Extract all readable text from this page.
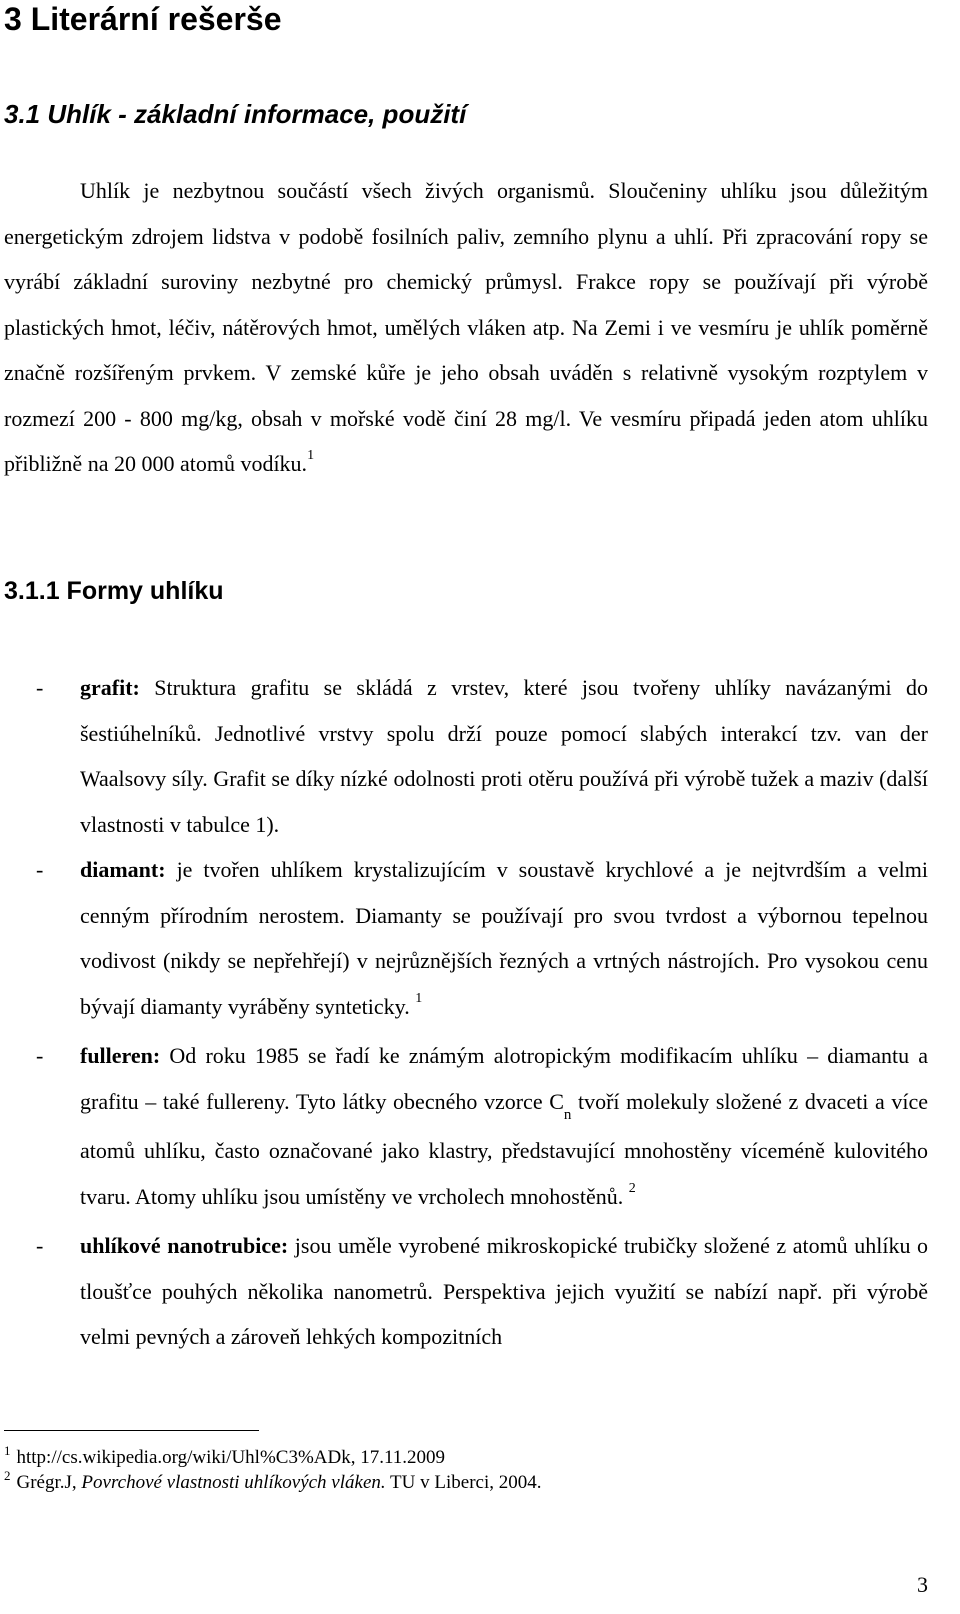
3 Literární rešerše
3.1 Uhlík - základní informace, použití

Uhlík je nezbytnou součástí všech živých organismů. Sloučeniny uhlíku jsou důležitým energetickým zdrojem lidstva v podobě fosilních paliv, zemního plynu a uhlí. Při zpracování ropy se vyrábí základní suroviny nezbytné pro chemický průmysl. Frakce ropy se používají při výrobě plastických hmot, léčiv, nátěrových hmot, umělých vláken atp. Na Zemi i ve vesmíru je uhlík poměrně značně rozšířeným prvkem. V zemské kůře je jeho obsah uváděn s relativně vysokým rozptylem v rozmezí 200 - 800 mg/kg, obsah v mořské vodě činí 28 mg/l. Ve vesmíru připadá jeden atom uhlíku přibližně na 20 000 atomů vodíku.$^1$

3.1.1 Formy uhlíku
- grafit: Struktura grafitu se skládá z vrstev, které jsou tvořeny uhlíky navázanými do šestiúhelníků. Jednotlivé vrstvy spolu drží pouze pomocí slabých interakcí tzv. van der Waalsovy síly. Grafit se díky nízké odolnosti proti otěru používá při výrobě tužek a maziv (další vlastnosti v tabulce 1).
- diamant: je tvořen uhlíkem krystalizujícím v soustavě krychlové a je nejtvrdším a velmi cenným přírodním nerostem. Diamanty se používají pro svou tvrdost a výbornou tepelnou vodivost (nikdy se nepřehřejí) v nejrůznějších řezných a vrtných nástrojích. Pro vysokou cenu bývají diamanty vyráběny synteticky. $^1$
- fulleren: Od roku 1985 se řadí ke známým alotropickým modifikacím uhlíku – diamantu a grafitu – také fullereny. Tyto látky obecného vzorce $C_n$ tvoří molekuly složené z dvaceti a více atomů uhlíku, často označované jako klastry, představující mnohostěny víceméně kulovitého tvaru. Atomy uhlíku jsou umístěny ve vrcholech mnohostěnů. $^2$
- uhlíkové nanotrubice: jsou uměle vyrobené mikroskopické trubičky složené z atomů uhlíku o tloušťce pouhých několika nanometrů. Perspektiva jejich využití se nabízí např. při výrobě velmi pevných a zároveň lehkých kompozitních

$^1$ http://cs.wikipedia.org/wiki/Uhl%C3%ADk, 17.11.2009

$^2$ Grégr.J, Povrchové vlastnosti uhlíkových vláken. TU v Liberci, 2004.

3
